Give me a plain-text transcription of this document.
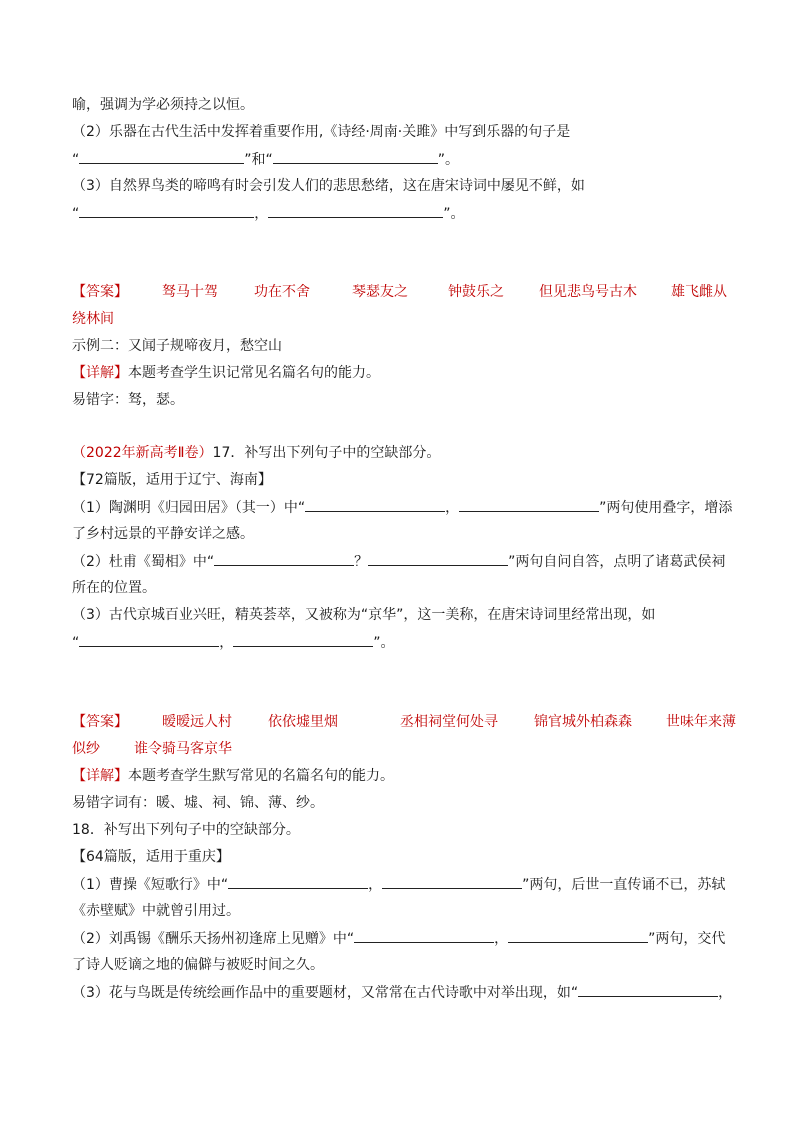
喻，强调为学必须持之以恒。
（2）乐器在古代生活中发挥着重要作用,《诗经·周南·关雎》中写到乐器的句子是
“	”和“	”。
（3）自然界鸟类的啼鸣有时会引发人们的悲思愁绪，这在唐宋诗词中屡见不鲜，如
“	，	”。
【答案】 驽马十驾	功在不舍	琴瑟友之	钟鼓乐之	但见悲鸟号古木 雄飞雌从
绕林间
示例二：又闻子规啼夜月，愁空山
【详解】本题考查学生识记常见名篇名句的能力。
易错字：驽，瑟。
（2022年新高考Ⅱ卷）17．补写出下列句子中的空缺部分。
【72篇版，适用于辽宁、海南】
（1）陶渊明《归园田居》（其一）中“	，	”两句使用叠字，增添
了乡村远景的平静安详之感。
（2）杜甫《蜀相》中“	？	”两句自问自答，点明了诸葛武侯祠
所在的位置。
（3）古代京城百业兴旺，精英荟萃，又被称为“京华”，这一美称，在唐宋诗词里经常出现，如
“	，	”。
【答案】 暧暧远人村	依依墟里烟	丞相祠堂何处寻	锦官城外柏森森 世味年来薄
似纱 谁令骑马客京华
【详解】本题考查学生默写常见的名篇名句的能力。
易错字词有：暖、墟、祠、锦、薄、纱。
18．补写出下列句子中的空缺部分。
【64篇版，适用于重庆】
（1）曹操《短歌行》中“	，	”两句，后世一直传诵不已，苏轼
《赤壁赋》中就曾引用过。
（2）刘禹锡《酬乐天扬州初逢席上见赠》中“	，	”两句，交代
了诗人贬谪之地的偏僻与被贬时间之久。
（3）花与鸟既是传统绘画作品中的重要题材，又常常在古代诗歌中对举出现，如“	，
